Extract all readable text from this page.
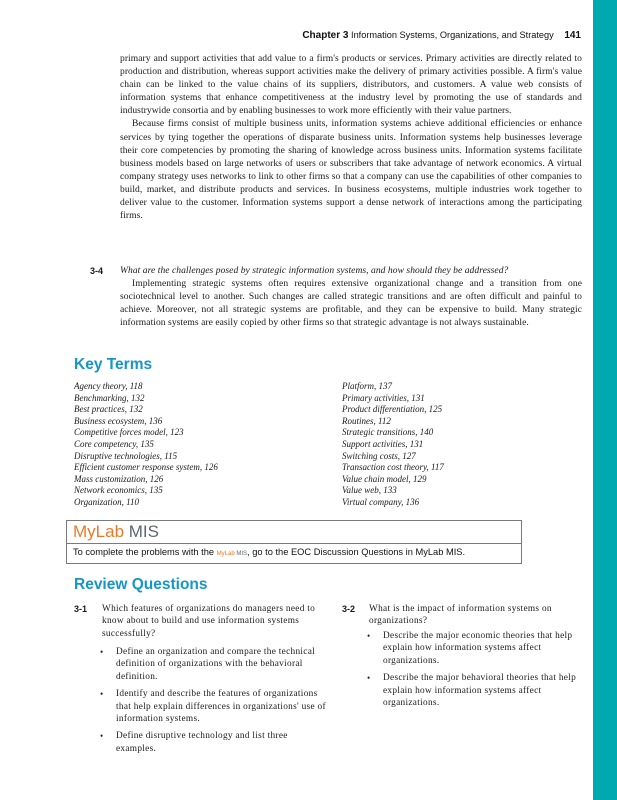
Chapter 3 Information Systems, Organizations, and Strategy 141

primary and support activities that add value to a firm's products or services. Primary activities are directly related to production and distribution, whereas support activities make the delivery of primary activities possible. A firm's value chain can be linked to the value chains of its suppliers, distributors, and customers. A value web consists of information systems that enhance competitiveness at the industry level by promoting the use of standards and industrywide consortia and by enabling businesses to work more efficiently with their value partners.

Because firms consist of multiple business units, information systems achieve additional efficiencies or enhance services by tying together the operations of disparate business units. Information systems help businesses leverage their core competencies by promoting the sharing of knowledge across business units. Information systems facilitate business models based on large networks of users or subscribers that take advantage of network economics. A virtual company strategy uses networks to link to other firms so that a company can use the capabilities of other companies to build, market, and distribute products and services. In business ecosystems, multiple industries work together to deliver value to the customer. Information systems support a dense network of interactions among the participating firms.

3-4 What are the challenges posed by strategic information systems, and how should they be addressed?

Implementing strategic systems often requires extensive organizational change and a transition from one sociotechnical level to another. Such changes are called strategic transitions and are often difficult and painful to achieve. Moreover, not all strategic systems are profitable, and they can be expensive to build. Many strategic information systems are easily copied by other firms so that strategic advantage is not always sustainable.

Key Terms
Agency theory, 118
Benchmarking, 132
Best practices, 132
Business ecosystem, 136
Competitive forces model, 123
Core competency, 135
Disruptive technologies, 115
Efficient customer response system, 126
Mass customization, 126
Network economics, 135
Organization, 110
Platform, 137
Primary activities, 131
Product differentiation, 125
Routines, 112
Strategic transitions, 140
Support activities, 131
Switching costs, 127
Transaction cost theory, 117
Value chain model, 129
Value web, 133
Virtual company, 136
MyLab MIS
To complete the problems with the MyLab MIS, go to the EOC Discussion Questions in MyLab MIS.
Review Questions
3-1 Which features of organizations do managers need to know about to build and use information systems successfully?
• Define an organization and compare the technical definition of organizations with the behavioral definition.
• Identify and describe the features of organizations that help explain differences in organizations' use of information systems.
• Define disruptive technology and list three examples.
3-2 What is the impact of information systems on organizations?
• Describe the major economic theories that help explain how information systems affect organizations.
• Describe the major behavioral theories that help explain how information systems affect organizations.
